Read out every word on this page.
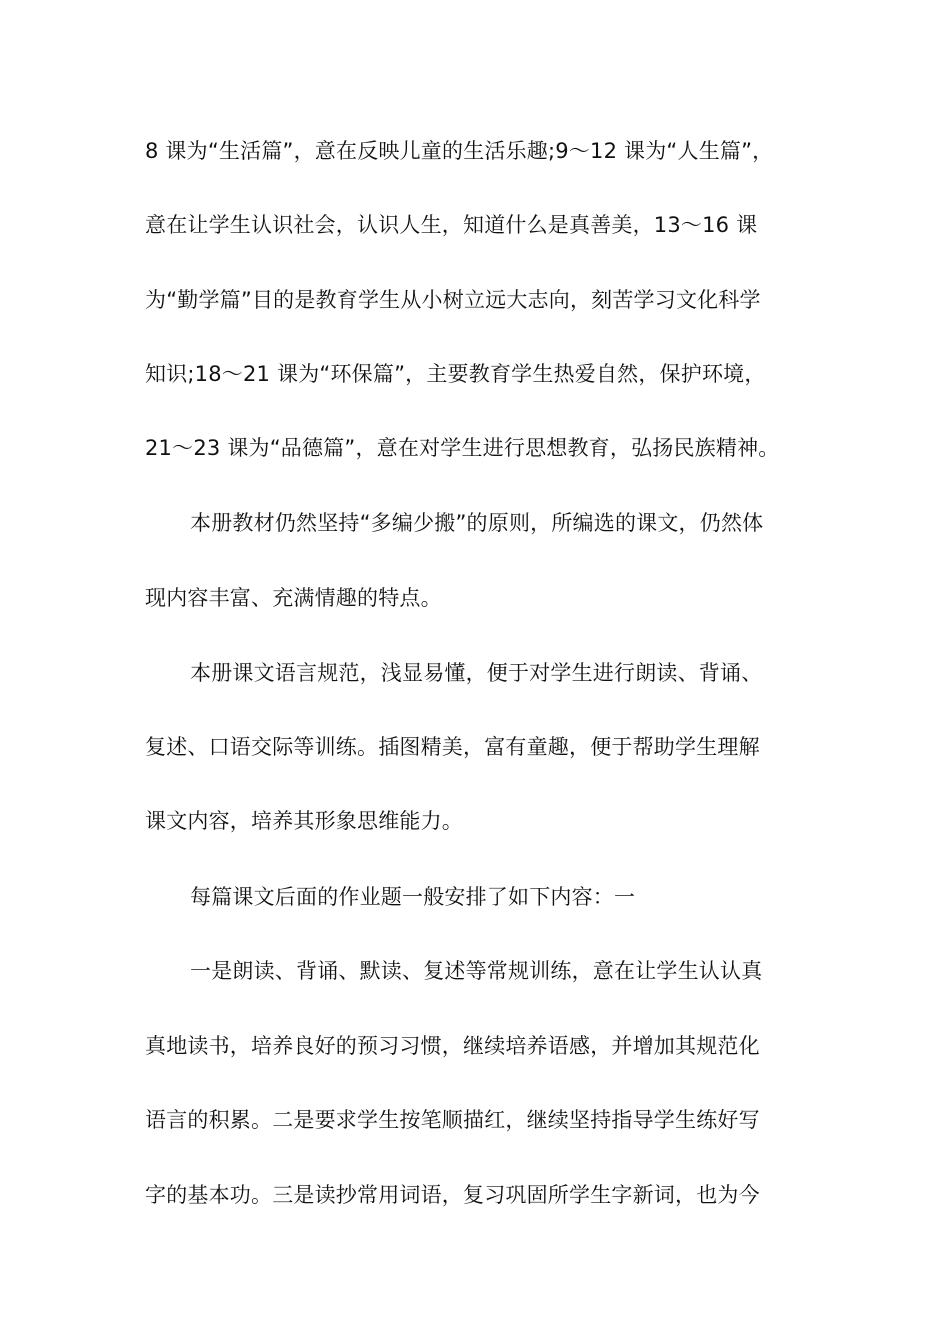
8 课为“生活篇”，意在反映儿童的生活乐趣;9～12 课为“人生篇”，
意在让学生认识社会，认识人生，知道什么是真善美，13～16 课
为“勤学篇”目的是教育学生从小树立远大志向，刻苦学习文化科学
知识;18～21 课为“环保篇”，主要教育学生热爱自然，保护环境，
21～23 课为“品德篇”，意在对学生进行思想教育，弘扬民族精神。
本册教材仍然坚持“多编少搬”的原则，所编选的课文，仍然体
现内容丰富、充满情趣的特点。
本册课文语言规范，浅显易懂，便于对学生进行朗读、背诵、
复述、口语交际等训练。插图精美，富有童趣，便于帮助学生理解
课文内容，培养其形象思维能力。
每篇课文后面的作业题一般安排了如下内容：一
一是朗读、背诵、默读、复述等常规训练，意在让学生认认真
真地读书，培养良好的预习习惯，继续培养语感，并增加其规范化
语言的积累。二是要求学生按笔顺描红，继续坚持指导学生练好写
字的基本功。三是读抄常用词语，复习巩固所学生字新词，也为今
